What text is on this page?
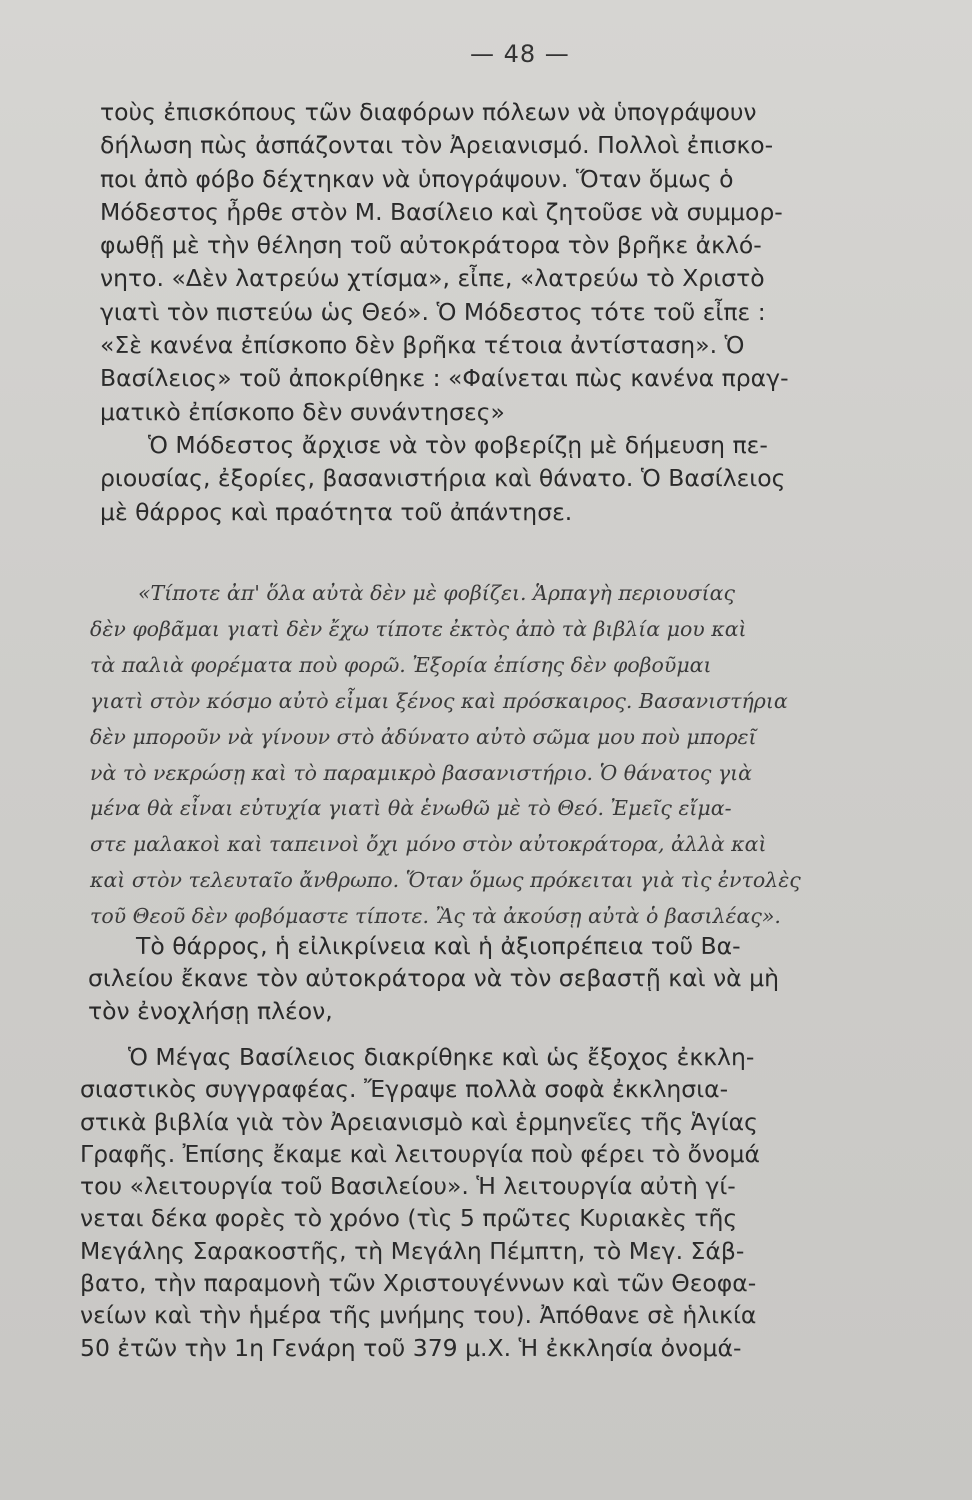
— 48 —
τοὺς ἐπισκόπους τῶν διαφόρων πόλεων νὰ ὑπογράψουν
δήλωση πὼς ἀσπάζονται τὸν Ἀρειανισμό. Πολλοὶ ἐπισκο-
ποι ἀπὸ φόβο δέχτηκαν νὰ ὑπογράψουν. Ὅταν ὅμως ὁ
Μόδεστος ἦρθε στὸν Μ. Βασίλειο καὶ ζητοῦσε νὰ συμμορ-
φωθῇ μὲ τὴν θέληση τοῦ αὐτοκράτορα τὸν βρῆκε ἀκλό-
νητο. «Δὲν λατρεύω χτίσμα», εἶπε, «λατρεύω τὸ Χριστὸ
γιατὶ τὸν πιστεύω ὡς Θεό». Ὁ Μόδεστος τότε τοῦ εἶπε :
«Σὲ κανένα ἐπίσκοπο δὲν βρῆκα τέτοια ἀντίσταση». Ὁ
Βασίλειος» τοῦ ἀποκρίθηκε : «Φαίνεται πὼς κανένα πραγ-
ματικὸ ἐπίσκοπο δὲν συνάντησες»
Ὁ Μόδεστος ἄρχισε νὰ τὸν φοβερίζῃ μὲ δήμευση πε-
ριουσίας, ἐξορίες, βασανιστήρια καὶ θάνατο. Ὁ Βασίλειος
μὲ θάρρος καὶ πραότητα τοῦ ἀπάντησε.
«Τίποτε ἀπ' ὅλα αὐτὰ δὲν μὲ φοβίζει. Ἁρπαγὴ περιουσίας
δὲν φοβᾶμαι γιατὶ δὲν ἔχω τίποτε ἐκτὸς ἀπὸ τὰ βιβλία μου καὶ
τὰ παλιὰ φορέματα ποὺ φορῶ. Ἐξορία ἐπίσης δὲν φοβοῦμαι
γιατὶ στὸν κόσμο αὐτὸ εἶμαι ξένος καὶ πρόσκαιρος. Βασανιστήρια
δὲν μποροῦν νὰ γίνουν στὸ ἀδύνατο αὐτὸ σῶμα μου ποὺ μπορεῖ
νὰ τὸ νεκρώσῃ καὶ τὸ παραμικρὸ βασανιστήριο. Ὁ θάνατος γιὰ
μένα θὰ εἶναι εὐτυχία γιατὶ θὰ ἑνωθῶ μὲ τὸ Θεό. Ἐμεῖς εἴμα-
στε μαλακοὶ καὶ ταπεινοὶ ὄχι μόνο στὸν αὐτοκράτορα, ἀλλὰ καὶ
καὶ στὸν τελευταῖο ἄνθρωπο. Ὅταν ὅμως πρόκειται γιὰ τὶς ἐντολὲς
τοῦ Θεοῦ δὲν φοβόμαστε τίποτε. Ἂς τὰ ἀκούσῃ αὐτὰ ὁ βασιλέας».
Τὸ θάρρος, ἡ εἰλικρίνεια καὶ ἡ ἀξιοπρέπεια τοῦ Βα-
σιλείου ἔκανε τὸν αὐτοκράτορα νὰ τὸν σεβαστῇ καὶ νὰ μὴ
τὸν ἐνοχλήσῃ πλέον,
Ὁ Μέγας Βασίλειος διακρίθηκε καὶ ὡς ἔξοχος ἐκκλη-
σιαστικὸς συγγραφέας. Ἔγραψε πολλὰ σοφὰ ἐκκλησια-
στικὰ βιβλία γιὰ τὸν Ἀρειανισμὸ καὶ ἑρμηνεῖες τῆς Ἁγίας
Γραφῆς. Ἐπίσης ἔκαμε καὶ λειτουργία ποὺ φέρει τὸ ὄνομά
του «λειτουργία τοῦ Βασιλείου». Ἡ λειτουργία αὐτὴ γί-
νεται δέκα φορὲς τὸ χρόνο (τὶς 5 πρῶτες Κυριακὲς τῆς
Μεγάλης Σαρακοστῆς, τὴ Μεγάλη Πέμπτη, τὸ Μεγ. Σάβ-
βατο, τὴν παραμονὴ τῶν Χριστουγέννων καὶ τῶν Θεοφα-
νείων καὶ τὴν ἡμέρα τῆς μνήμης του). Ἀπόθανε σὲ ἡλικία
50 ἐτῶν τὴν 1η Γενάρη τοῦ 379 μ.Χ. Ἡ ἐκκλησία ὀνομά-
